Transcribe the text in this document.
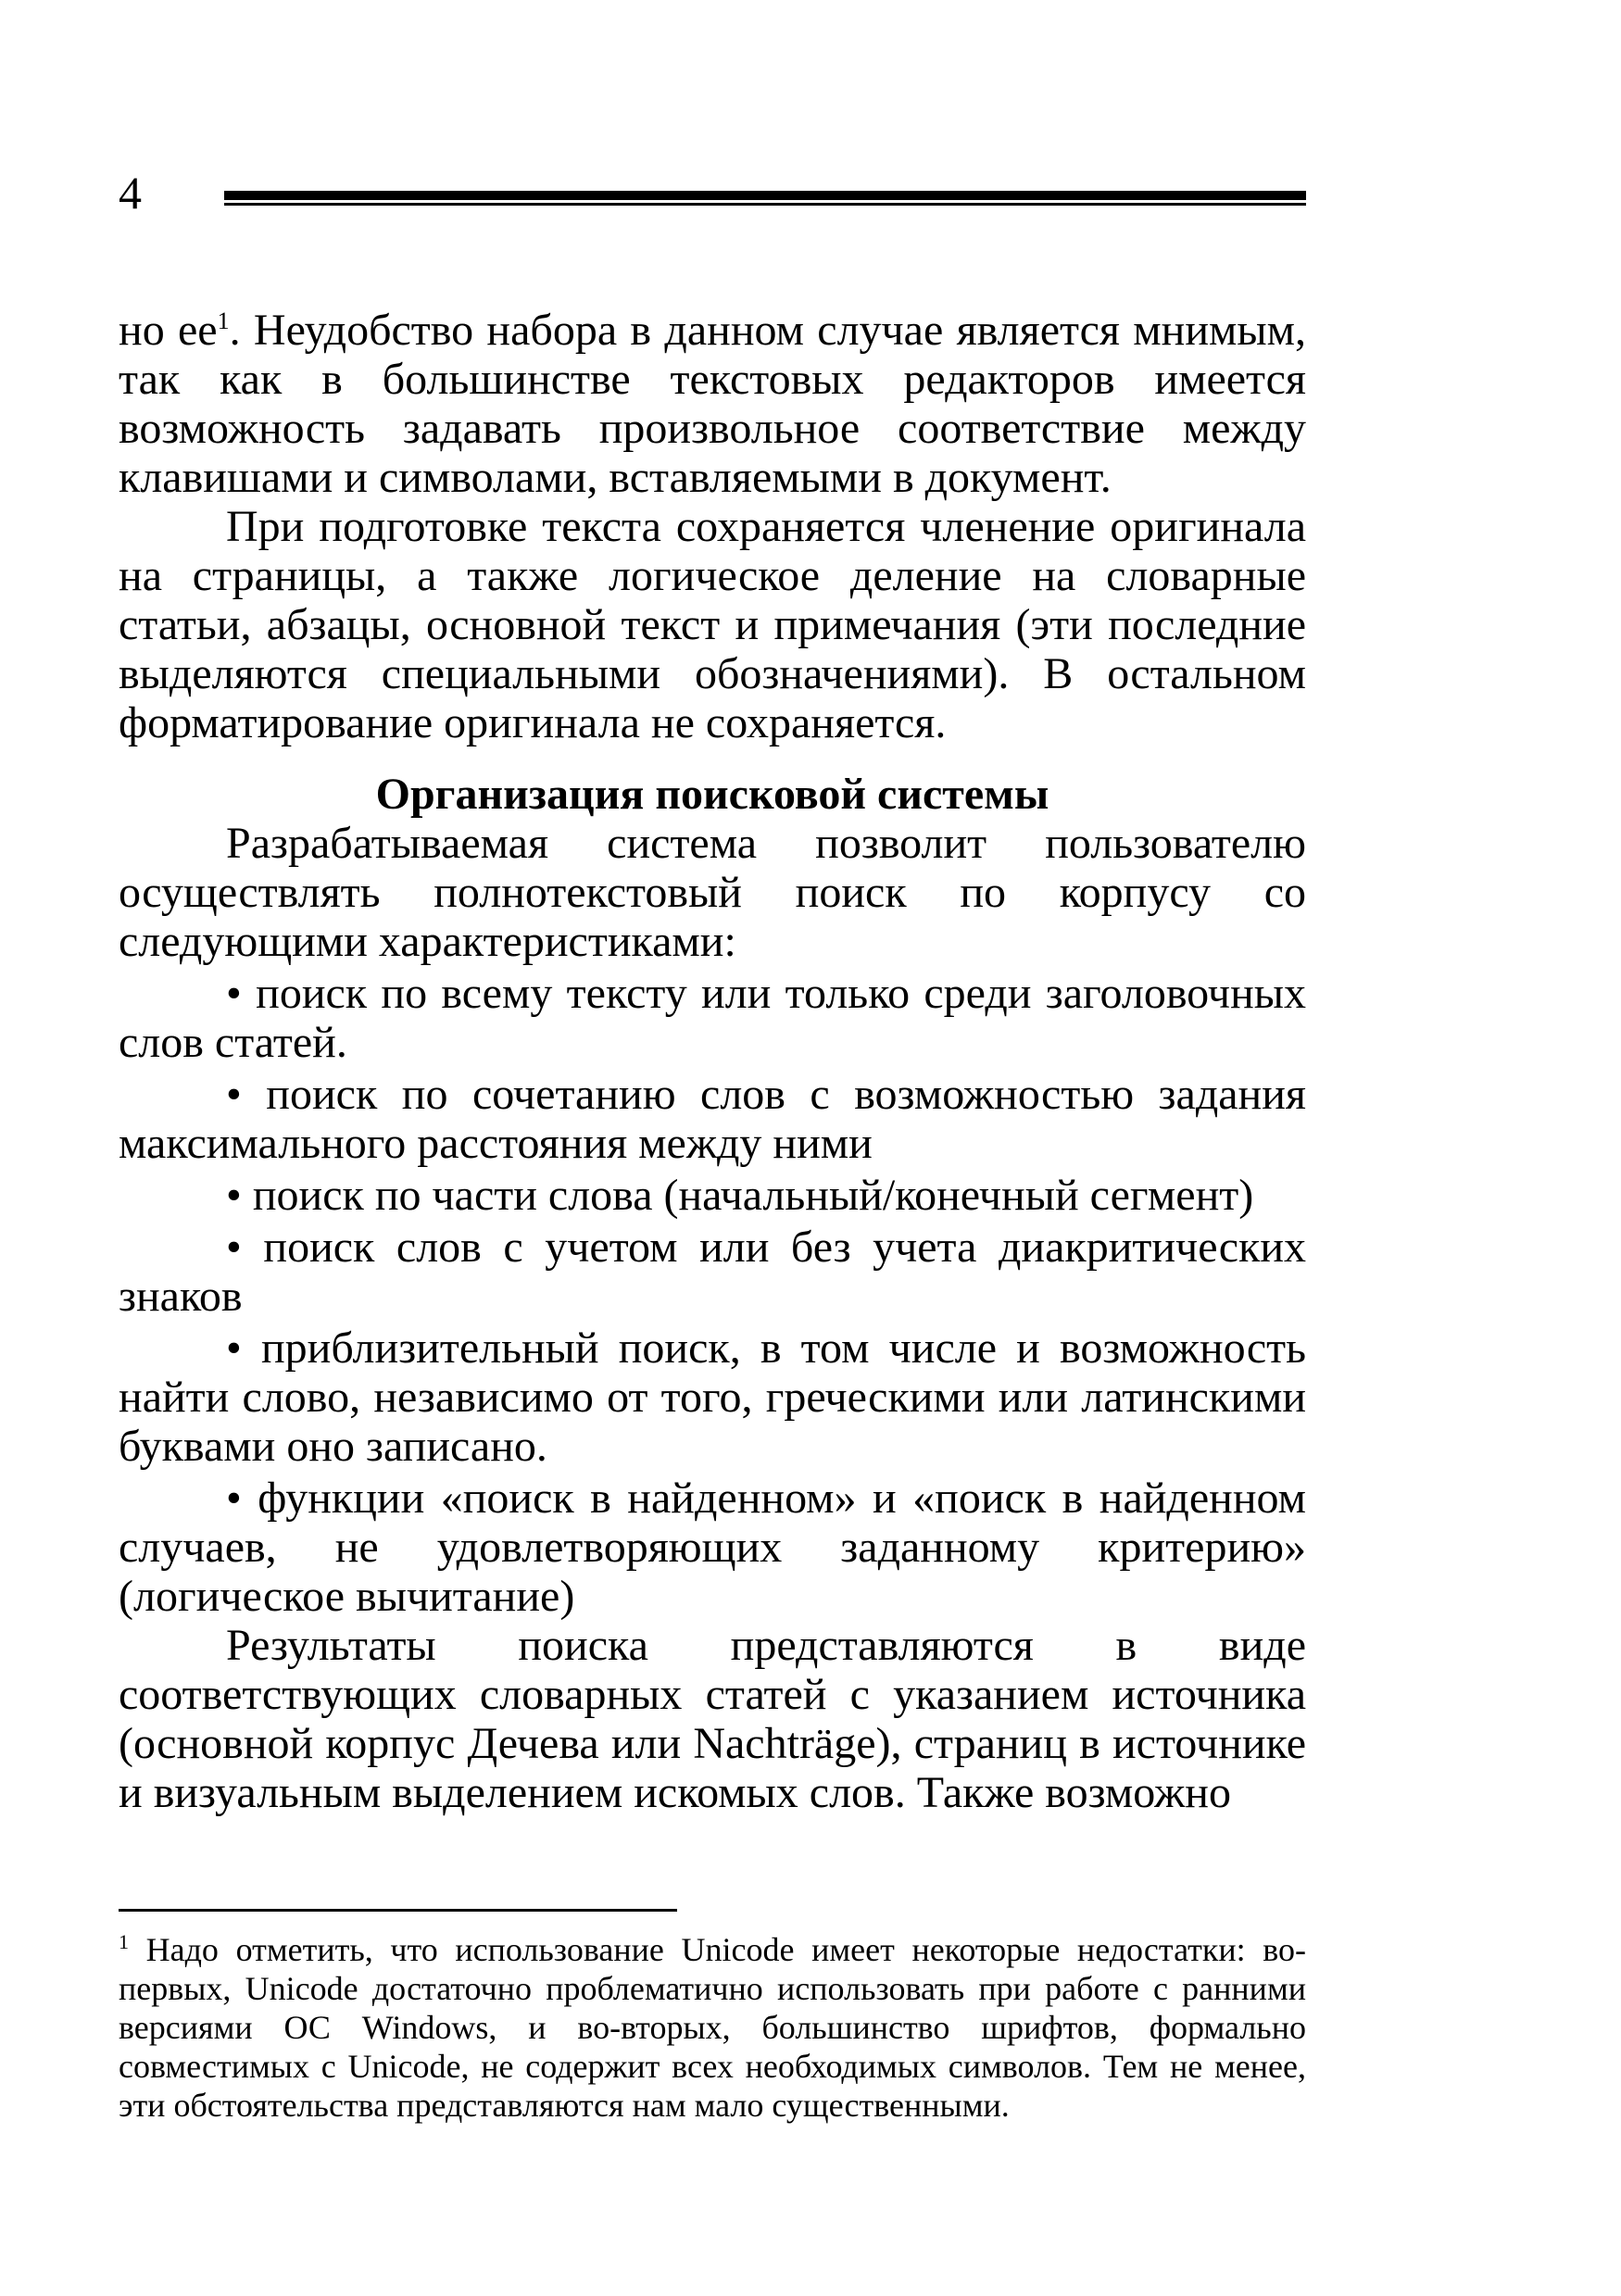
4

но $ее^1$. Неудобство набора в данном случае является мнимым, так как в большинстве текстовых редакторов имеется возможность задавать произвольное соответствие между клавишами и символами, вставляемыми в документ.

При подготовке текста сохраняется членение оригинала на страницы, а также логическое деление на словарные статьи, абзацы, основной текст и примечания (эти последние выделяются специальными обозначениями). В остальном форматирование оригинала не сохраняется.

Организация поисковой системы

Разрабатываемая система позволит пользователю осуществлять полнотекстовый поиск по корпусу со следующими характеристиками:

• поиск по всему тексту или только среди заголовочных слов статей.

• поиск по сочетанию слов с возможностью задания максимального расстояния между ними

• поиск по части слова (начальный/конечный сегмент)

• поиск слов с учетом или без учета диакритических знаков

• приблизительный поиск, в том числе и возможность найти слово, независимо от того, греческими или латинскими буквами оно записано.

• функции «поиск в найденном» и «поиск в найденном случаев, не удовлетворяющих заданному критерию» (логическое вычитание)

Результаты поиска представляются в виде соответствующих словарных статей с указанием источника (основной корпус Дечева или Nachträge), страниц в источнике и визуальным выделением искомых слов. Также возможно

$^1$ Надо отметить, что использование Unicode имеет некоторые недостатки: во-первых, Unicode достаточно проблематично использовать при работе с ранними версиями ОС Windows, и во-вторых, большинство шрифтов, формально совместимых с Unicode, не содержит всех необходимых символов. Тем не менее, эти обстоятельства представляются нам мало существенными.
